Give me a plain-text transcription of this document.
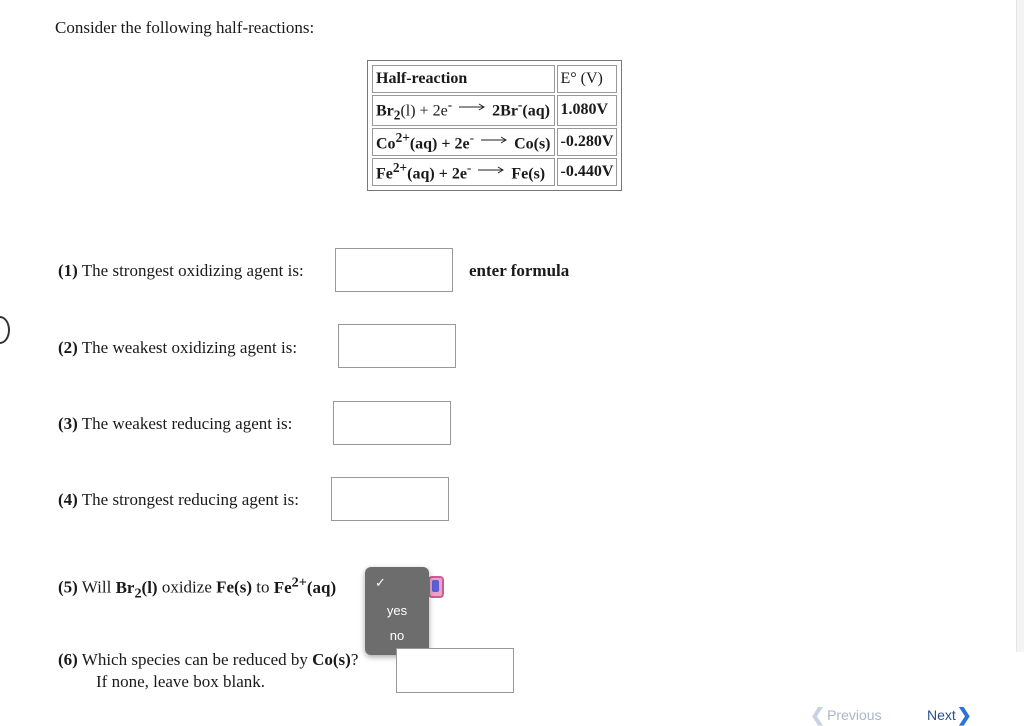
Consider the following half-reactions:
Half-reaction	E° (V)
$Br_2(l) + 2e^- \to 2Br^-(aq)$	1.080V
$Co^{2+}(aq) + 2e^- \to Co(s)$	-0.280V
$Fe^{2+}(aq) + 2e^- \to Fe(s)$	-0.440V
(1) The strongest oxidizing agent is:	enter formula
(2) The weakest oxidizing agent is:
(3) The weakest reducing agent is:
(4) The strongest reducing agent is:
(5) Will $Br_2(l)$ oxidize Fe(s) to $Fe^{2+}(aq)$	✓
yes
no
(6) Which species can be reduced by Co(s)?
If none, leave box blank.
❮ Previous	Next❯
